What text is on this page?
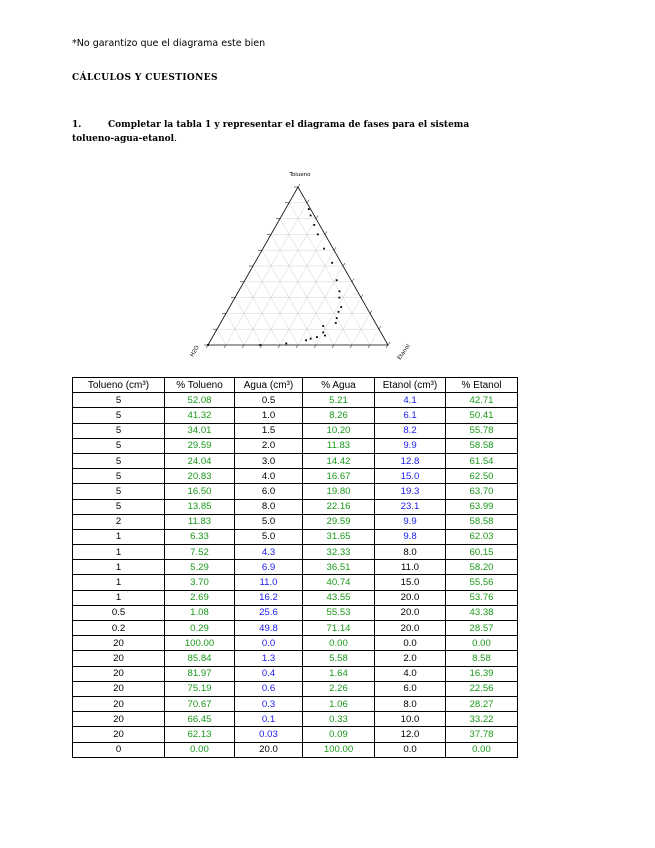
*No garantizo que el diagrama este bien
CÁLCULOS Y CUESTIONES
1.	Completar la tabla 1 y representar el diagrama de fases para el sistema tolueno-agua-etanol.
Tolueno
H2O	Etanol
Tolueno (cm³)	% Tolueno	Agua (cm³)	% Agua	Etanol (cm³)	% Etanol
5	52.08	0.5	5.21	4.1	42.71
5	41.32	1.0	8.26	6.1	50.41
5	34.01	1.5	10.20	8.2	55.78
5	29.59	2.0	11.83	9.9	58.58
5	24.04	3.0	14.42	12.8	61.54
5	20.83	4.0	16.67	15.0	62.50
5	16.50	6.0	19.80	19.3	63.70
5	13.85	8.0	22.16	23.1	63.99
2	11.83	5.0	29.59	9.9	58.58
1	6.33	5.0	31.65	9.8	62.03
1	7.52	4.3	32.33	8.0	60.15
1	5.29	6.9	36.51	11.0	58.20
1	3.70	11.0	40.74	15.0	55.56
1	2.69	16.2	43.55	20.0	53.76
0.5	1.08	25.6	55.53	20.0	43.38
0.2	0.29	49.8	71.14	20.0	28.57
20	100.00	0.0	0.00	0.0	0.00
20	85.84	1.3	5.58	2.0	8.58
20	81.97	0.4	1.64	4.0	16.39
20	75.19	0.6	2.26	6.0	22.56
20	70.67	0.3	1.06	8.0	28.27
20	66.45	0.1	0.33	10.0	33.22
20	62.13	0.03	0.09	12.0	37.78
0	0.00	20.0	100.00	0.0	0.00
